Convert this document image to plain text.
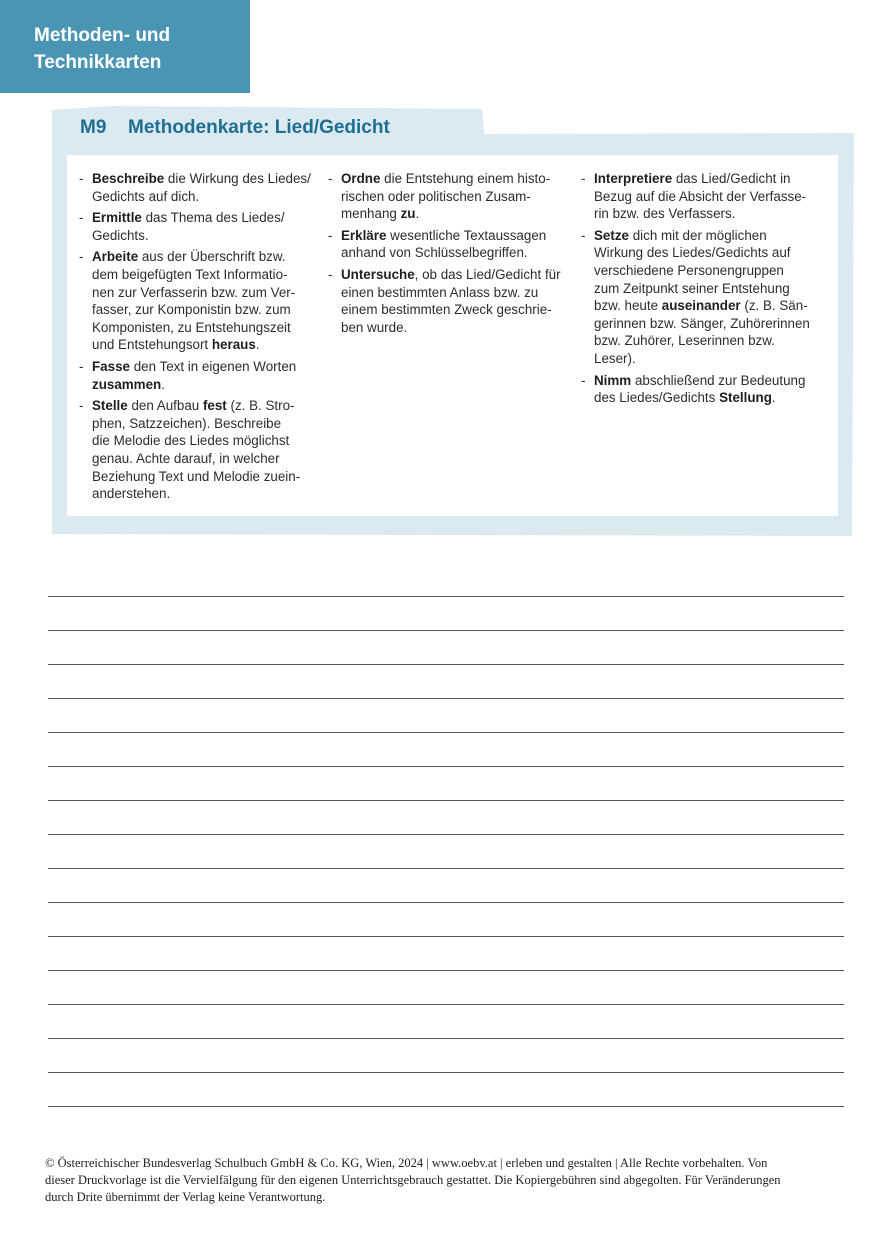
Methoden- und
Technikkarten
M9 Methodenkarte: Lied/Gedicht
- Beschreibe die Wirkung des Liedes/
Gedichts auf dich.
- Ermittle das Thema des Liedes/
Gedichts.
- Arbeite aus der Überschrift bzw.
dem beigefügten Text Informatio-
nen zur Verfasserin bzw. zum Ver-
fasser, zur Komponistin bzw. zum
Komponisten, zu Entstehungszeit
und Entstehungsort heraus.
- Fasse den Text in eigenen Worten
zusammen.
- Stelle den Aufbau fest (z. B. Stro-
phen, Satzzeichen). Beschreibe
die Melodie des Liedes möglichst
genau. Achte darauf, in welcher
Beziehung Text und Melodie zuein-
anderstehen.
- Ordne die Entstehung einem histo-
rischen oder politischen Zusam-
menhang zu.
- Erkläre wesentliche Textaussagen
anhand von Schlüsselbegriffen.
- Untersuche, ob das Lied/Gedicht für
einen bestimmten Anlass bzw. zu
einem bestimmten Zweck geschrie-
ben wurde.
- Interpretiere das Lied/Gedicht in
Bezug auf die Absicht der Verfasse-
rin bzw. des Verfassers.
- Setze dich mit der möglichen
Wirkung des Liedes/Gedichts auf
verschiedene Personengruppen
zum Zeitpunkt seiner Entstehung
bzw. heute auseinander (z. B. Sän-
gerinnen bzw. Sänger, Zuhörerinnen
bzw. Zuhörer, Leserinnen bzw.
Leser).
- Nimm abschließend zur Bedeutung
des Liedes/Gedichts Stellung.
© Österreichischer Bundesverlag Schulbuch GmbH & Co. KG, Wien, 2024 | www.oebv.at | erleben und gestalten | Alle Rechte vorbehalten. Von
dieser Druckvorlage ist die Vervielfälgung für den eigenen Unterrichtsgebrauch gestattet. Die Kopiergebühren sind abgegolten. Für Veränderungen
durch Drite übernimmt der Verlag keine Verantwortung.
